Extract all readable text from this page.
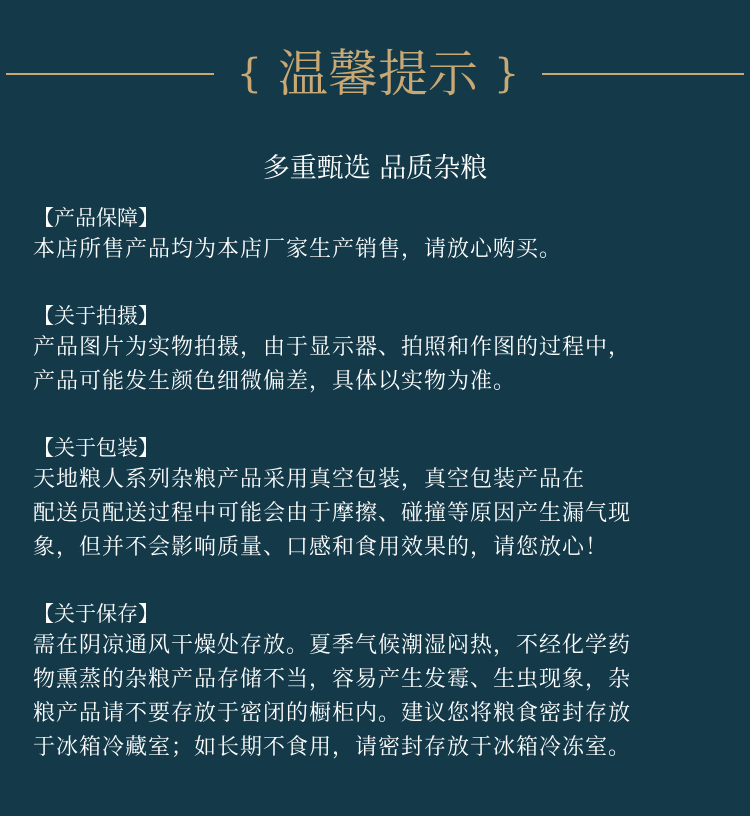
{ 温馨提示 }
多重甄选 品质杂粮
【产品保障】
本店所售产品均为本店厂家生产销售，请放心购买。
【关于拍摄】
产品图片为实物拍摄，由于显示器、拍照和作图的过程中，
产品可能发生颜色细微偏差，具体以实物为准。
【关于包装】
天地粮人系列杂粮产品采用真空包装，真空包装产品在
配送员配送过程中可能会由于摩擦、碰撞等原因产生漏气现
象，但并不会影响质量、口感和食用效果的，请您放心！
【关于保存】
需在阴凉通风干燥处存放。夏季气候潮湿闷热，不经化学药
物熏蒸的杂粮产品存储不当，容易产生发霉、生虫现象，杂
粮产品请不要存放于密闭的橱柜内。建议您将粮食密封存放
于冰箱冷藏室；如长期不食用，请密封存放于冰箱冷冻室。
